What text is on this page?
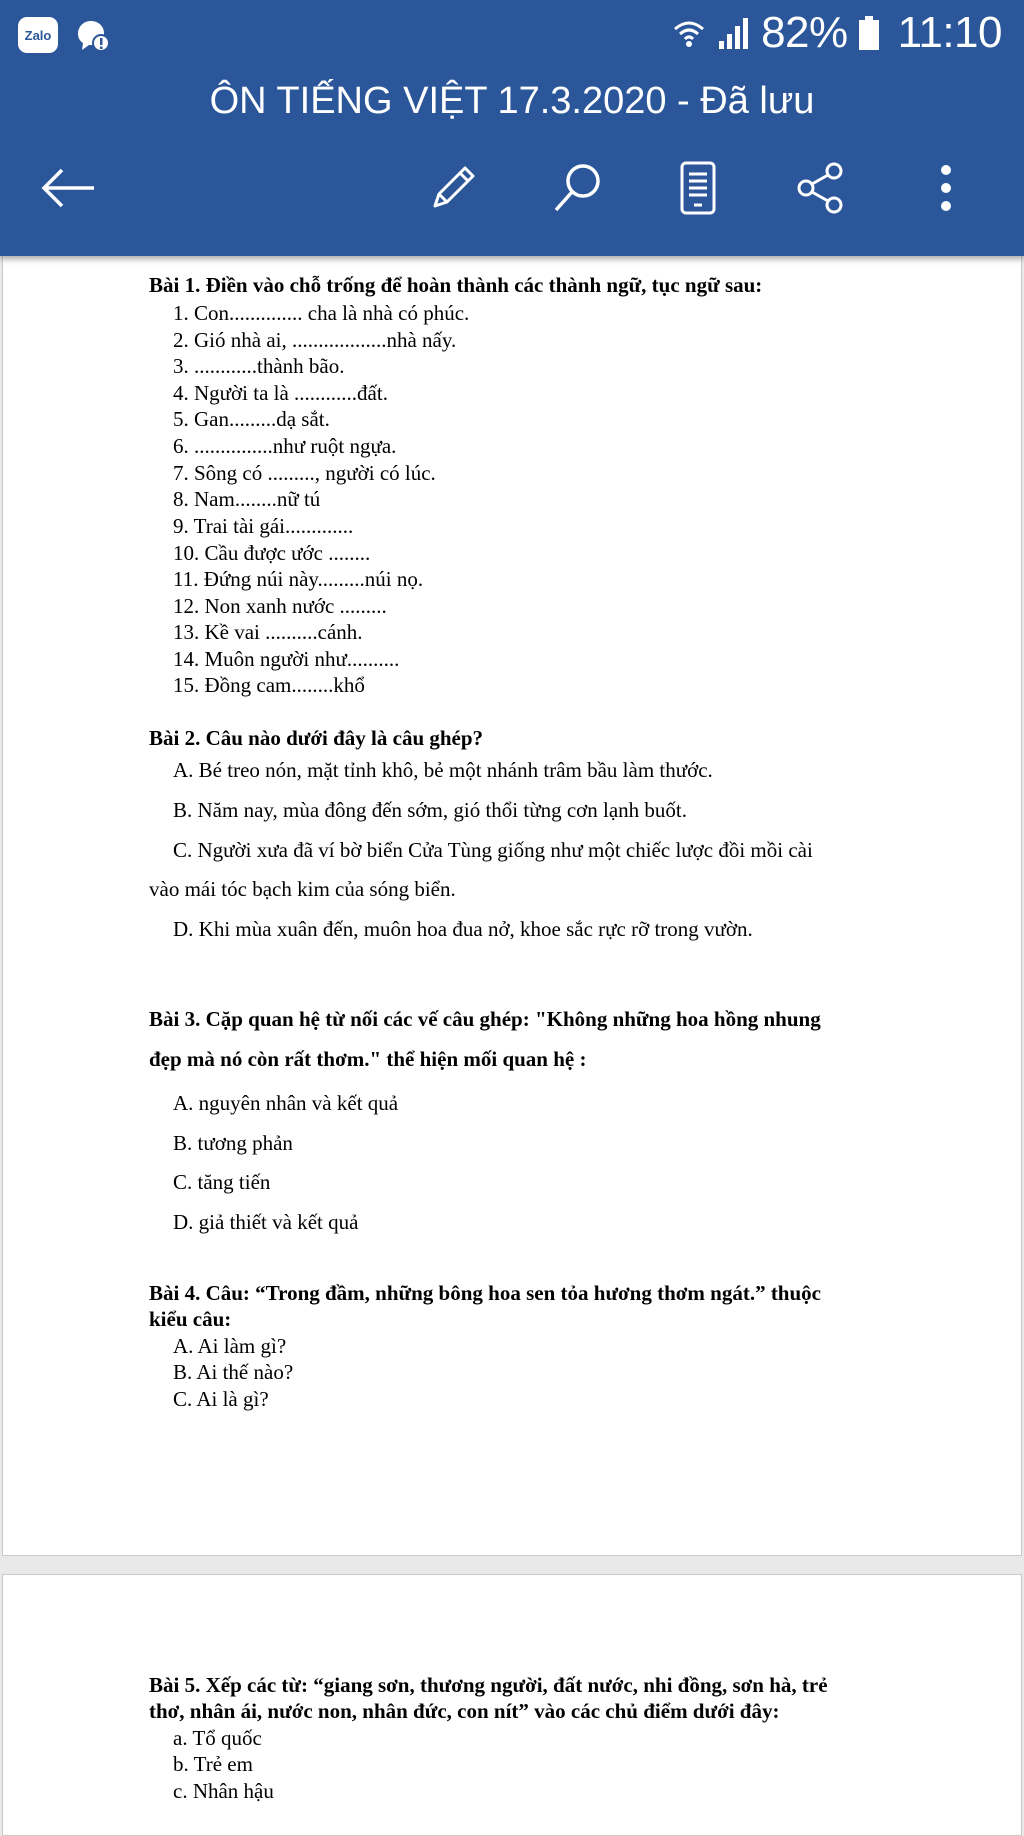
Zalo	82% 11:10
ÔN TIẾNG VIỆT 17.3.2020 - Đã lưu
Bài 1. Điền vào chỗ trống để hoàn thành các thành ngữ, tục ngữ sau:
1. Con.............. cha là nhà có phúc.
2. Gió nhà ai, ..................nhà nấy.
3. ............thành bão.
4. Người ta là ............đất.
5. Gan.........dạ sắt.
6. ...............như ruột ngựa.
7. Sông có ........., người có lúc.
8. Nam........nữ tú
9. Trai tài gái.............
10. Cầu được ước ........
11. Đứng núi này.........núi nọ.
12. Non xanh nước .........
13. Kề vai ..........cánh.
14. Muôn người như..........
15. Đồng cam........khổ
Bài 2. Câu nào dưới đây là câu ghép?
A. Bé treo nón, mặt tỉnh khô, bẻ một nhánh trâm bầu làm thước.
B. Năm nay, mùa đông đến sớm, gió thổi từng cơn lạnh buốt.
C. Người xưa đã ví bờ biển Cửa Tùng giống như một chiếc lược đồi mồi cài
vào mái tóc bạch kim của sóng biển.
D. Khi mùa xuân đến, muôn hoa đua nở, khoe sắc rực rỡ trong vườn.
Bài 3. Cặp quan hệ từ nối các vế câu ghép: "Không những hoa hồng nhung
đẹp mà nó còn rất thơm." thể hiện mối quan hệ :
A. nguyên nhân và kết quả
B. tương phản
C. tăng tiến
D. giả thiết và kết quả
Bài 4. Câu: “Trong đầm, những bông hoa sen tỏa hương thơm ngát.” thuộc
kiểu câu:
A. Ai làm gì?
B. Ai thế nào?
C. Ai là gì?
Bài 5. Xếp các từ: “giang sơn, thương người, đất nước, nhi đồng, sơn hà, trẻ
thơ, nhân ái, nước non, nhân đức, con nít” vào các chủ điểm dưới đây:
a. Tổ quốc
b. Trẻ em
c. Nhân hậu
